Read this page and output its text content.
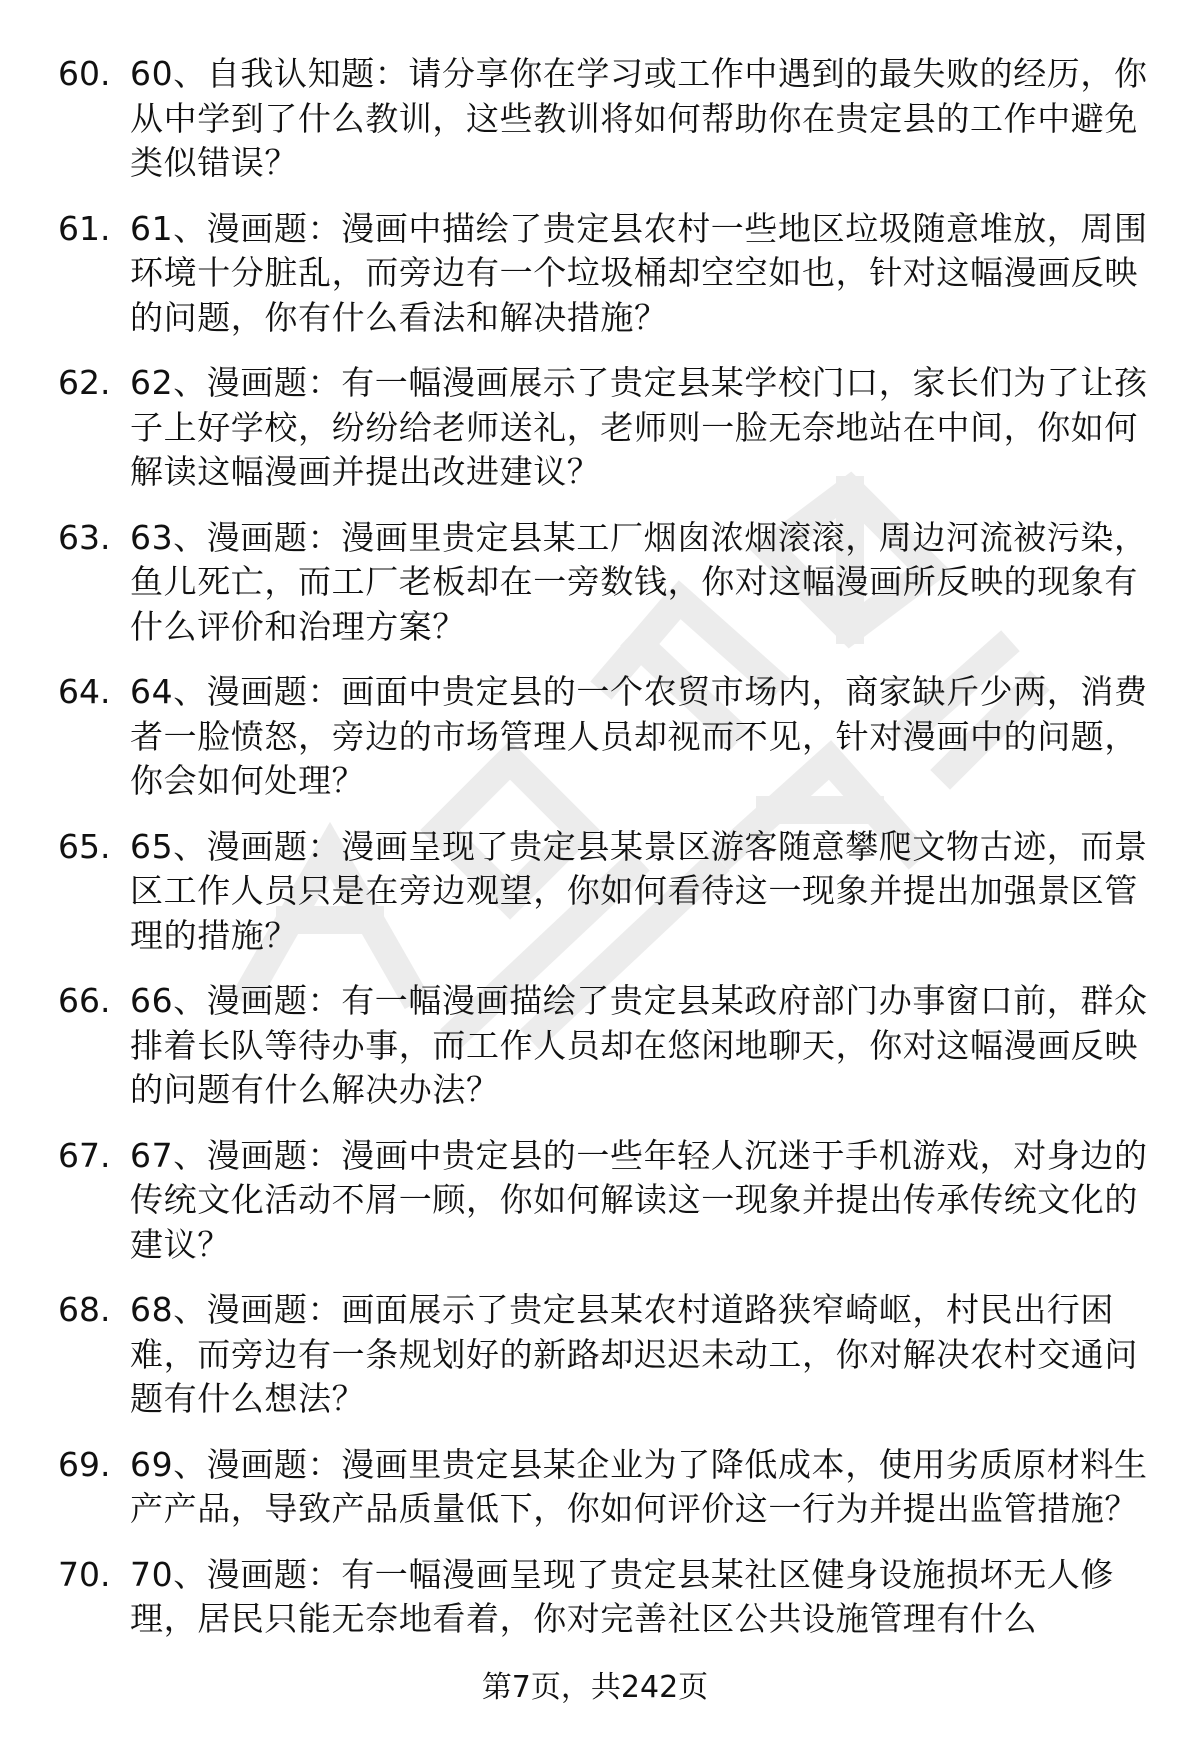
60. 60、自我认知题：请分享你在学习或工作中遇到的最失败的经历，你从中学到了什么教训，这些教训将如何帮助你在贵定县的工作中避免类似错误？
61. 61、漫画题：漫画中描绘了贵定县农村一些地区垃圾随意堆放，周围环境十分脏乱，而旁边有一个垃圾桶却空空如也，针对这幅漫画反映的问题，你有什么看法和解决措施？
62. 62、漫画题：有一幅漫画展示了贵定县某学校门口，家长们为了让孩子上好学校，纷纷给老师送礼，老师则一脸无奈地站在中间，你如何解读这幅漫画并提出改进建议？
63. 63、漫画题：漫画里贵定县某工厂烟囱浓烟滚滚，周边河流被污染，鱼儿死亡，而工厂老板却在一旁数钱，你对这幅漫画所反映的现象有什么评价和治理方案？
64. 64、漫画题：画面中贵定县的一个农贸市场内，商家缺斤少两，消费者一脸愤怒，旁边的市场管理人员却视而不见，针对漫画中的问题，你会如何处理？
65. 65、漫画题：漫画呈现了贵定县某景区游客随意攀爬文物古迹，而景区工作人员只是在旁边观望，你如何看待这一现象并提出加强景区管理的措施？
66. 66、漫画题：有一幅漫画描绘了贵定县某政府部门办事窗口前，群众排着长队等待办事，而工作人员却在悠闲地聊天，你对这幅漫画反映的问题有什么解决办法？
67. 67、漫画题：漫画中贵定县的一些年轻人沉迷于手机游戏，对身边的传统文化活动不屑一顾，你如何解读这一现象并提出传承传统文化的建议？
68. 68、漫画题：画面展示了贵定县某农村道路狭窄崎岖，村民出行困难，而旁边有一条规划好的新路却迟迟未动工，你对解决农村交通问题有什么想法？
69. 69、漫画题：漫画里贵定县某企业为了降低成本，使用劣质原材料生产产品，导致产品质量低下，你如何评价这一行为并提出监管措施？
70. 70、漫画题：有一幅漫画呈现了贵定县某社区健身设施损坏无人修理，居民只能无奈地看着，你对完善社区公共设施管理有什么
第7页，共242页
